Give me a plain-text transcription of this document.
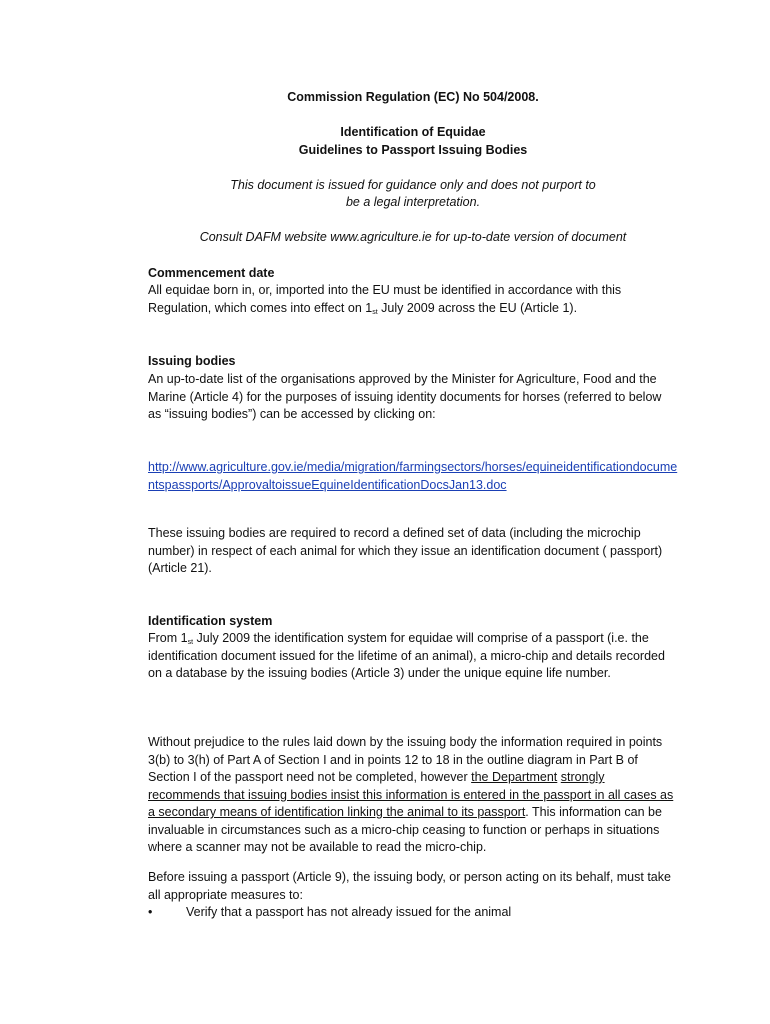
Commission Regulation (EC) No 504/2008.

Identification of Equidae

Guidelines to Passport Issuing Bodies

This document is issued for guidance only and does not purport to

be a legal interpretation.

Consult DAFM website www.agriculture.ie for up-to-date version of document

Commencement date

All equidae born in, or, imported into the EU must be identified in accordance with this Regulation, which comes into effect on 1st July 2009 across the EU (Article 1).

Issuing bodies

An up-to-date list of the organisations approved by the Minister for Agriculture, Food and the Marine (Article 4) for the purposes of issuing identity documents for horses (referred to below as “issuing bodies”) can be accessed by clicking on:

http://www.agriculture.gov.ie/media/migration/farmingsectors/horses/equineidentificationdocumentspassports/ApprovaltoissueEquineIdentificationDocsJan13.doc

These issuing bodies are required to record a defined set of data (including the microchip number) in respect of each animal for which they issue an identification document ( passport) (Article 21).

Identification system

From 1st July 2009 the identification system for equidae will comprise of a passport (i.e. the identification document issued for the lifetime of an animal), a micro-chip and details recorded on a database by the issuing bodies (Article 3) under the unique equine life number.

Without prejudice to the rules laid down by the issuing body the information required in points 3(b) to 3(h) of Part A of Section I and in points 12 to 18 in the outline diagram in Part B of Section I of the passport need not be completed, however the Department strongly recommends that issuing bodies insist this information is entered in the passport in all cases as a secondary means of identification linking the animal to its passport. This information can be invaluable in circumstances such as a micro-chip ceasing to function or perhaps in situations where a scanner may not be available to read the micro-chip.

Before issuing a passport (Article 9), the issuing body, or person acting on its behalf, must take all appropriate measures to:

•	Verify that a passport has not already issued for the animal
